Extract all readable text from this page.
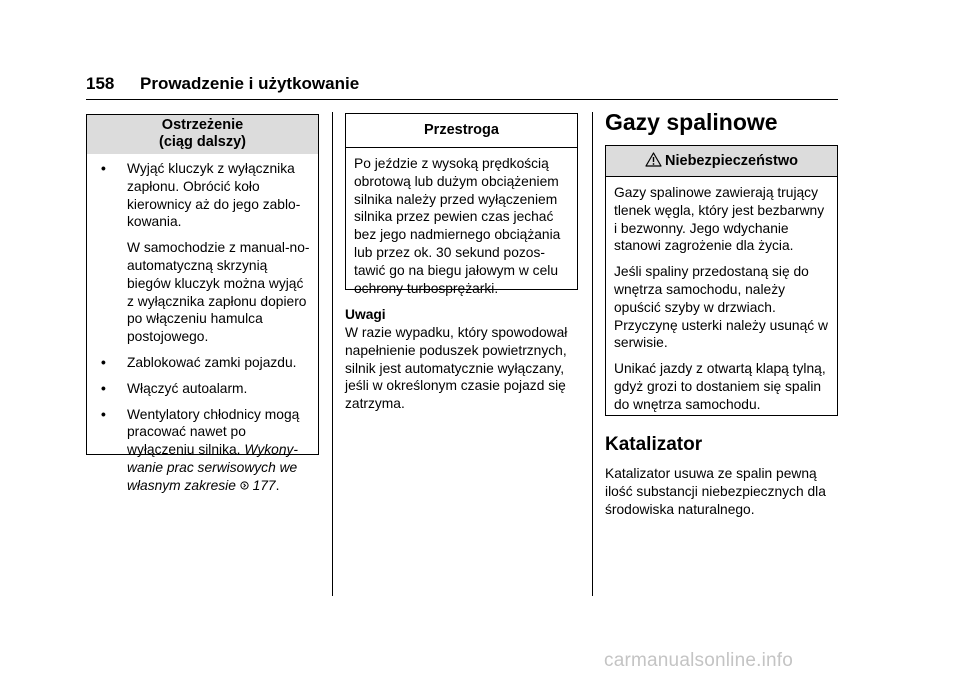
158 Prowadzenie i użytkowanie
Ostrzeżenie
(ciąg dalszy)
•	Wyjąć kluczyk z wyłącznika zapłonu. Obrócić koło kierownicy aż do jego zablo-kowania.

W samochodzie z manual-no-automatyczną skrzynią biegów kluczyk można wyjąć z wyłącznika zapłonu dopiero po włączeniu hamulca postojowego.

•	Zablokować zamki pojazdu.

•	Włączyć autoalarm.

•	Wentylatory chłodnicy mogą pracować nawet po wyłączeniu silnika. Wykony-wanie prac serwisowych we własnym zakresie 177.

Przestroga
Po jeździe z wysoką prędkością obrotową lub dużym obciążeniem silnika należy przed wyłączeniem silnika przez pewien czas jechać bez jego nadmiernego obciążania lub przez ok. 30 sekund pozos-tawić go na biegu jałowym w celu ochrony turbosprężarki.
Uwagi
W razie wypadku, który spowodował napełnienie poduszek powietrznych, silnik jest automatycznie wyłączany, jeśli w określonym czasie pojazd się zatrzyma.
Gazy spalinowe
Niebezpieczeństwo

Gazy spalinowe zawierają trujący tlenek węgla, który jest bezbarwny i bezwonny. Jego wdychanie stanowi zagrożenie dla życia.

Jeśli spaliny przedostaną się do wnętrza samochodu, należy opuścić szyby w drzwiach. Przyczynę usterki należy usunąć w serwisie.

Unikać jazdy z otwartą klapą tylną, gdyż grozi to dostaniem się spalin do wnętrza samochodu.

Katalizator
Katalizator usuwa ze spalin pewną ilość substancji niebezpiecznych dla środowiska naturalnego.
carmanualsonline.info
